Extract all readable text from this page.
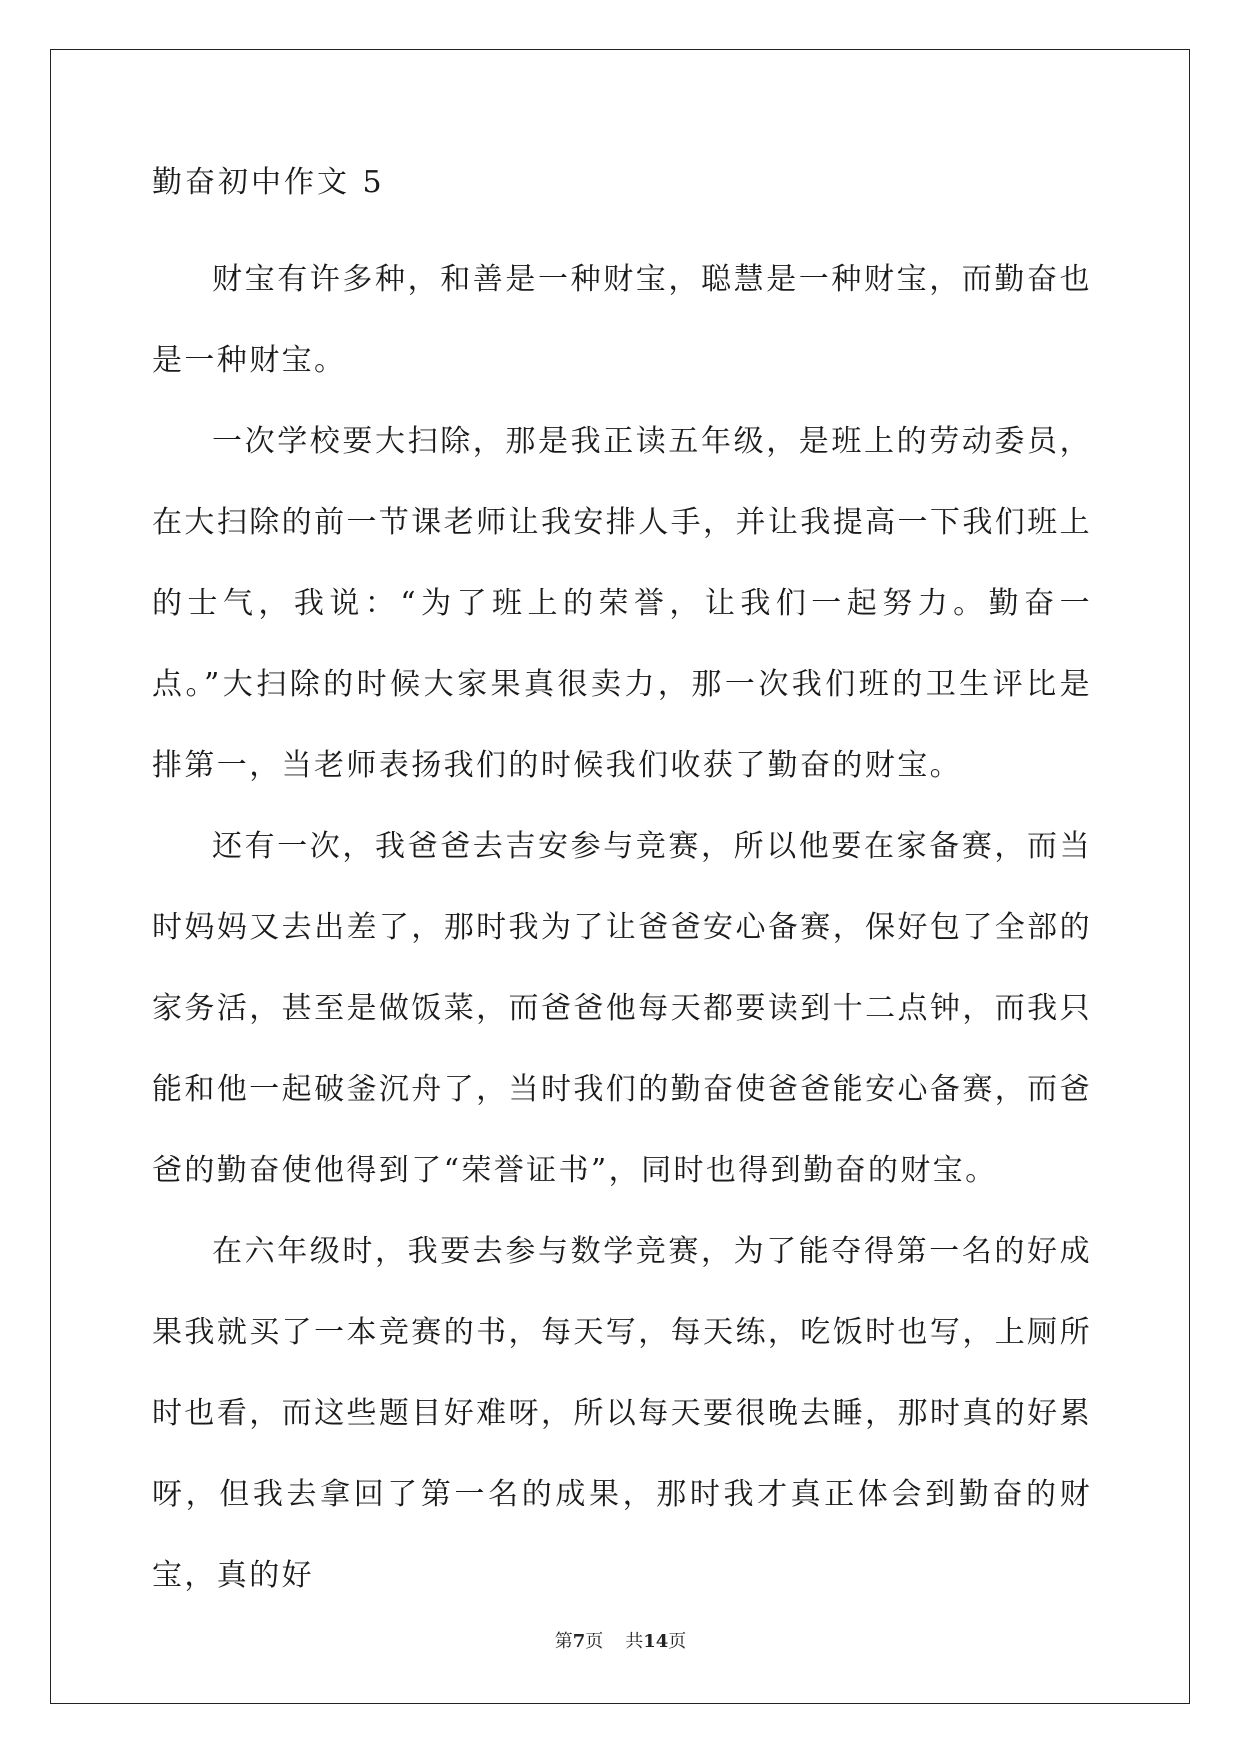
勤奋初中作文 5

财宝有许多种，和善是一种财宝，聪慧是一种财宝，而勤奋也是一种财宝。

一次学校要大扫除，那是我正读五年级，是班上的劳动委员，在大扫除的前一节课老师让我安排人手，并让我提高一下我们班上的士气，我说：“为了班上的荣誉，让我们一起努力。勤奋一点。”大扫除的时候大家果真很卖力，那一次我们班的卫生评比是排第一，当老师表扬我们的时候我们收获了勤奋的财宝。

还有一次，我爸爸去吉安参与竞赛，所以他要在家备赛，而当时妈妈又去出差了，那时我为了让爸爸安心备赛，保好包了全部的家务活，甚至是做饭菜，而爸爸他每天都要读到十二点钟，而我只能和他一起破釜沉舟了，当时我们的勤奋使爸爸能安心备赛，而爸爸的勤奋使他得到了“荣誉证书”，同时也得到勤奋的财宝。

在六年级时，我要去参与数学竞赛，为了能夺得第一名的好成果我就买了一本竞赛的书，每天写，每天练，吃饭时也写，上厕所时也看，而这些题目好难呀，所以每天要很晚去睡，那时真的好累呀，但我去拿回了第一名的成果，那时我才真正体会到勤奋的财宝，真的好

第7页 共14页
